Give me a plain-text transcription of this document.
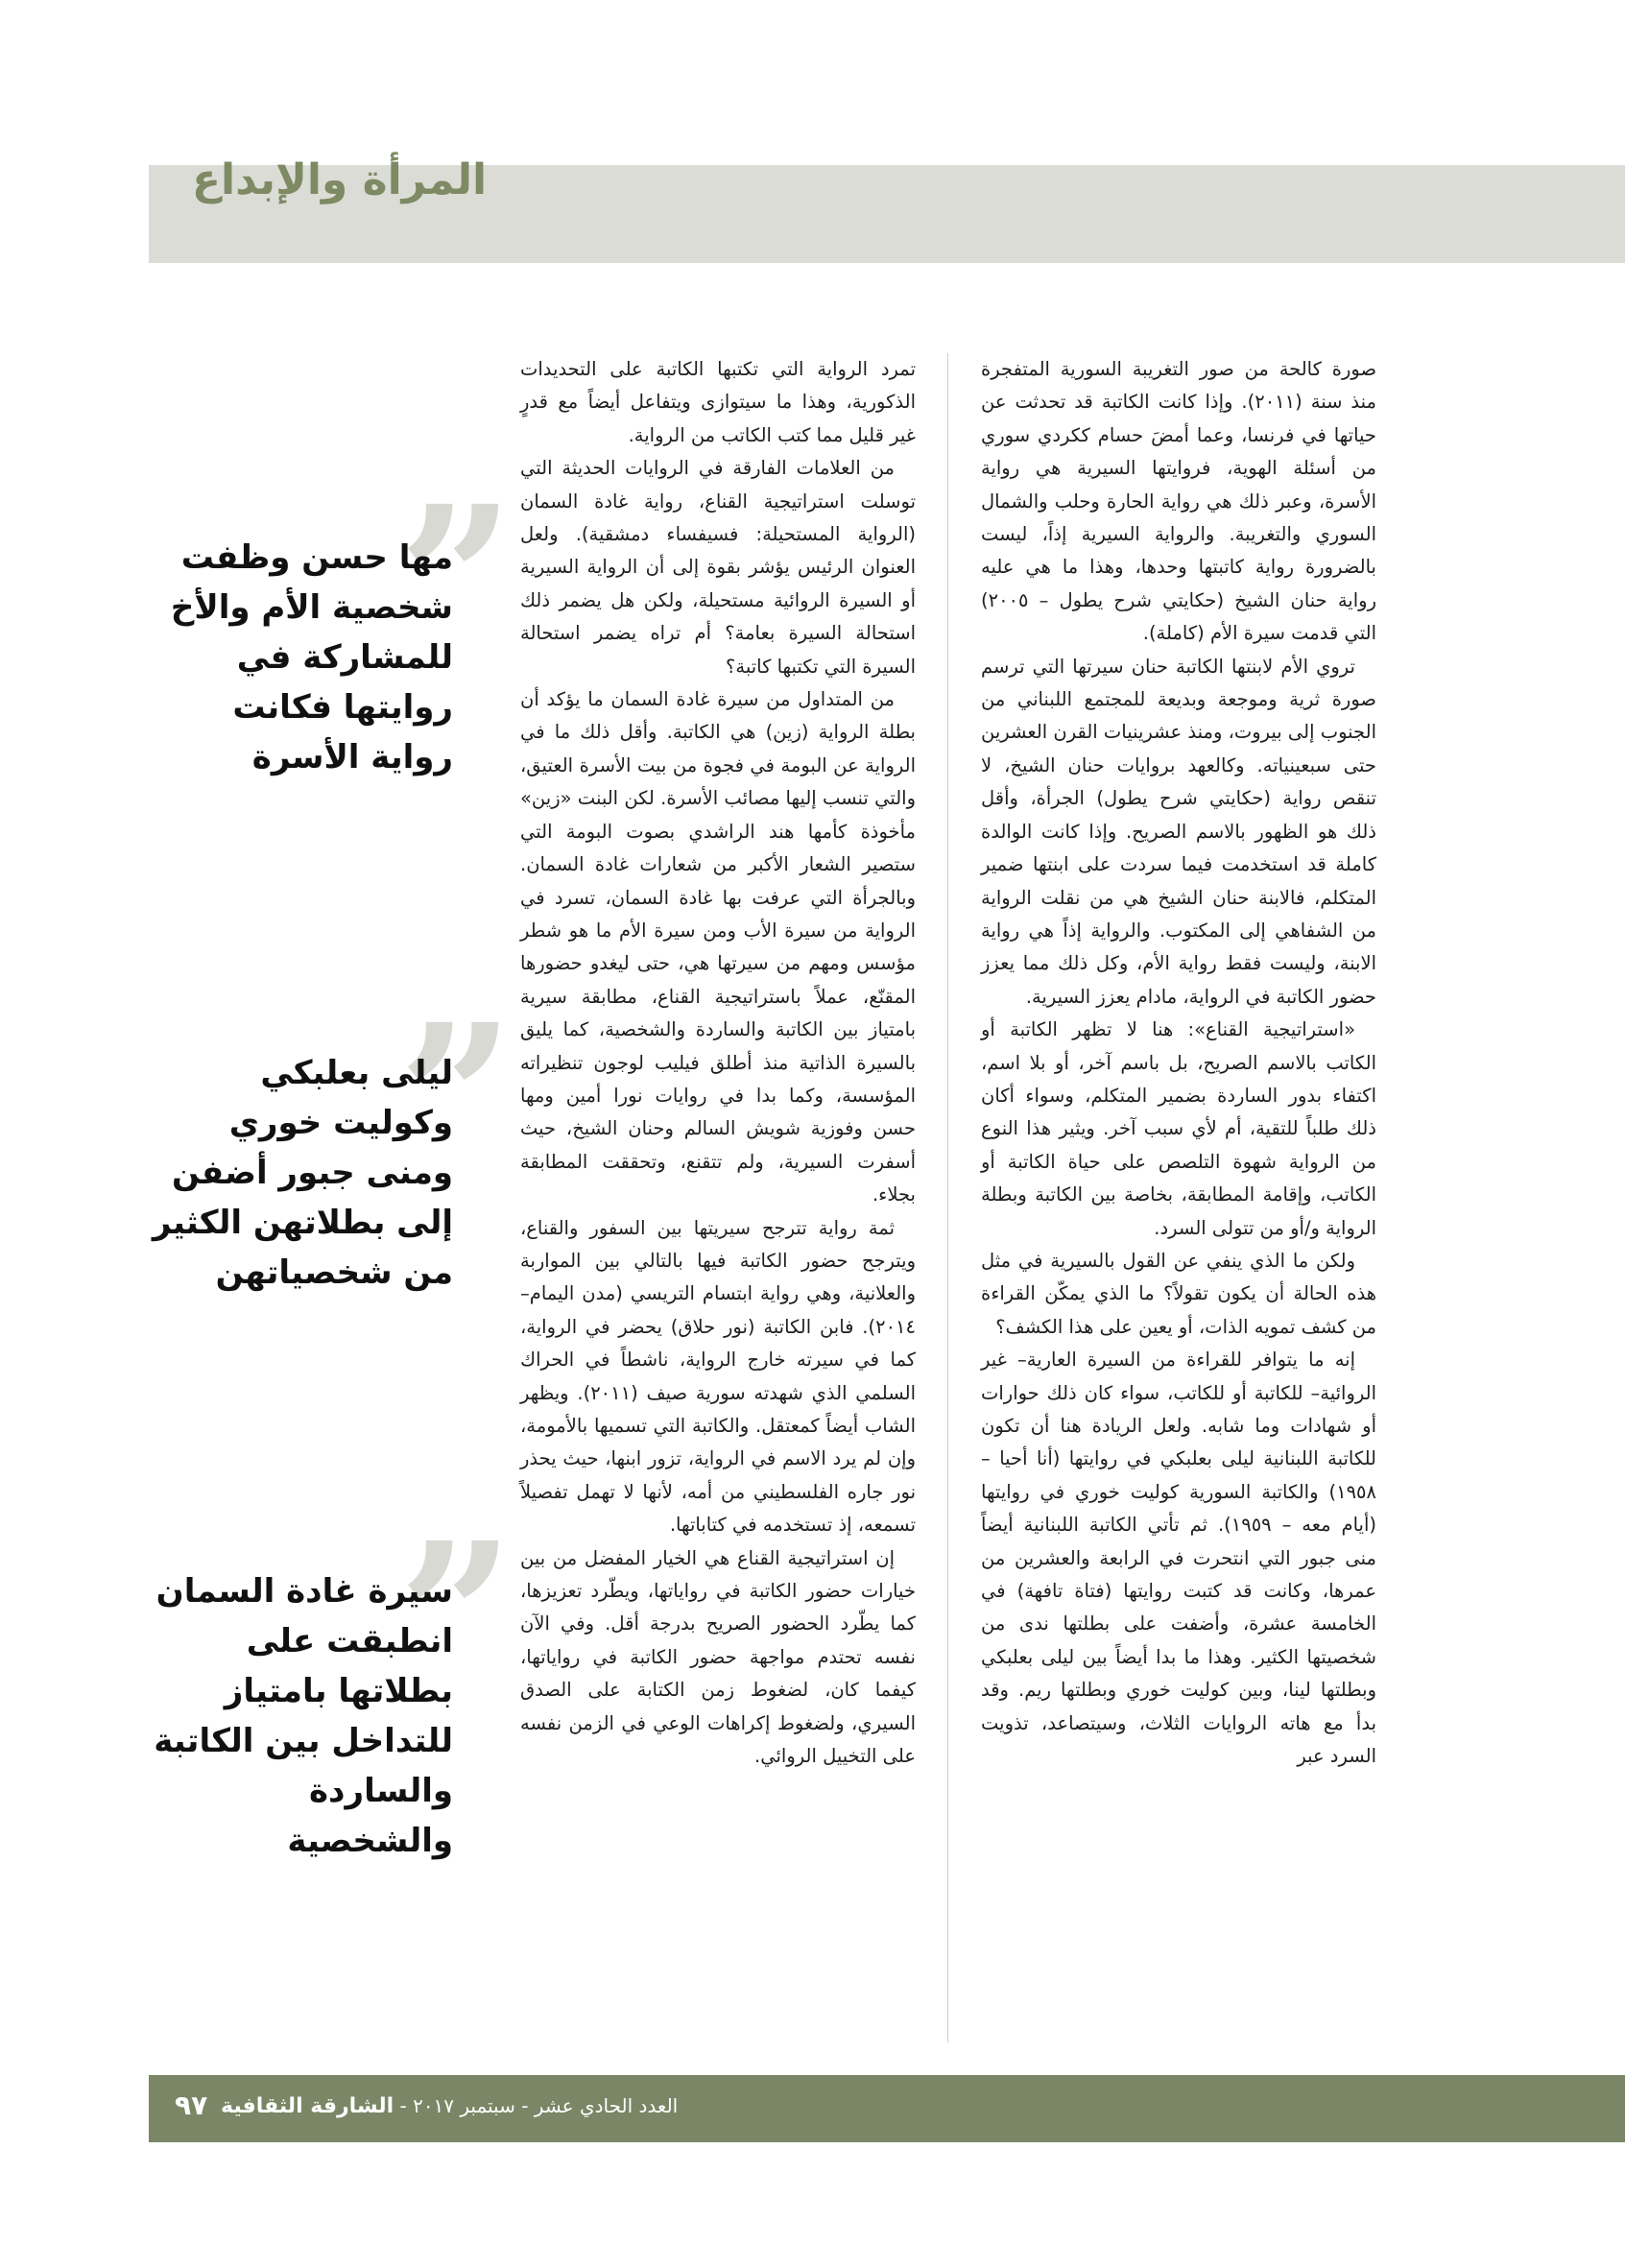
المرأة والإبداع

صورة كالحة من صور التغريبة السورية المتفجرة منذ سنة (٢٠١١). وإذا كانت الكاتبة قد تحدثت عن حياتها في فرنسا، وعما أمضَ حسام ككردي سوري من أسئلة الهوية، فروايتها السيرية هي رواية الأسرة، وعبر ذلك هي رواية الحارة وحلب والشمال السوري والتغريبة. والرواية السيرية إذاً، ليست بالضرورة رواية كاتبتها وحدها، وهذا ما هي عليه رواية حنان الشيخ (حكايتي شرح يطول – ٢٠٠٥) التي قدمت سيرة الأم (كاملة).

تروي الأم لابنتها الكاتبة حنان سيرتها التي ترسم صورة ثرية وموجعة وبديعة للمجتمع اللبناني من الجنوب إلى بيروت، ومنذ عشرينيات القرن العشرين حتى سبعينياته. وكالعهد بروايات حنان الشيخ، لا تنقص رواية (حكايتي شرح يطول) الجرأة، وأقل ذلك هو الظهور بالاسم الصريح. وإذا كانت الوالدة كاملة قد استخدمت فيما سردت على ابنتها ضمير المتكلم، فالابنة حنان الشيخ هي من نقلت الرواية من الشفاهي إلى المكتوب. والرواية إذاً هي رواية الابنة، وليست فقط رواية الأم، وكل ذلك مما يعزز حضور الكاتبة في الرواية، مادام يعزز السيرية.

«استراتيجية القناع»: هنا لا تظهر الكاتبة أو الكاتب بالاسم الصريح، بل باسم آخر، أو بلا اسم، اكتفاء بدور الساردة بضمير المتكلم، وسواء أكان ذلك طلباً للتقية، أم لأي سبب آخر. ويثير هذا النوع من الرواية شهوة التلصص على حياة الكاتبة أو الكاتب، وإقامة المطابقة، بخاصة بين الكاتبة وبطلة الرواية و/أو من تتولى السرد.

ولكن ما الذي ينفي عن القول بالسيرية في مثل هذه الحالة أن يكون تقولاً؟ ما الذي يمكّن القراءة من كشف تمويه الذات، أو يعين على هذا الكشف؟

إنه ما يتوافر للقراءة من السيرة العارية– غير الروائية– للكاتبة أو للكاتب، سواء كان ذلك حوارات أو شهادات وما شابه. ولعل الريادة هنا أن تكون للكاتبة اللبنانية ليلى بعلبكي في روايتها (أنا أحيا – ١٩٥٨) والكاتبة السورية كوليت خوري في روايتها (أيام معه – ١٩٥٩). ثم تأتي الكاتبة اللبنانية أيضاً منى جبور التي انتحرت في الرابعة والعشرين من عمرها، وكانت قد كتبت روايتها (فتاة تافهة) في الخامسة عشرة، وأضفت على بطلتها ندى من شخصيتها الكثير. وهذا ما بدا أيضاً بين ليلى بعلبكي وبطلتها لينا، وبين كوليت خوري وبطلتها ريم. وقد بدأ مع هاته الروايات الثلاث، وسيتصاعد، تذويت السرد عبر

تمرد الرواية التي تكتبها الكاتبة على التحديدات الذكورية، وهذا ما سيتوازى ويتفاعل أيضاً مع قدرٍ غير قليل مما كتب الكاتب من الرواية.

من العلامات الفارقة في الروايات الحديثة التي توسلت استراتيجية القناع، رواية غادة السمان (الرواية المستحيلة: فسيفساء دمشقية). ولعل العنوان الرئيس يؤشر بقوة إلى أن الرواية السيرية أو السيرة الروائية مستحيلة، ولكن هل يضمر ذلك استحالة السيرة بعامة؟ أم تراه يضمر استحالة السيرة التي تكتبها كاتبة؟

من المتداول من سيرة غادة السمان ما يؤكد أن بطلة الرواية (زين) هي الكاتبة. وأقل ذلك ما في الرواية عن البومة في فجوة من بيت الأسرة العتيق، والتي تنسب إليها مصائب الأسرة. لكن البنت «زين» مأخوذة كأمها هند الراشدي بصوت البومة التي ستصير الشعار الأكبر من شعارات غادة السمان. وبالجرأة التي عرفت بها غادة السمان، تسرد في الرواية من سيرة الأب ومن سيرة الأم ما هو شطر مؤسس ومهم من سيرتها هي، حتى ليغدو حضورها المقنّع، عملاً باستراتيجية القناع، مطابقة سيرية بامتياز بين الكاتبة والساردة والشخصية، كما يليق بالسيرة الذاتية منذ أطلق فيليب لوجون تنظيراته المؤسسة، وكما بدا في روايات نورا أمين ومها حسن وفوزية شويش السالم وحنان الشيخ، حيث أسفرت السيرية، ولم تتقنع، وتحققت المطابقة بجلاء.

ثمة رواية تترجح سيريتها بين السفور والقناع، ويترجح حضور الكاتبة فيها بالتالي بين المواربة والعلانية، وهي رواية ابتسام التريسي (مدن اليمام– ٢٠١٤). فابن الكاتبة (نور حلاق) يحضر في الرواية، كما في سيرته خارج الرواية، ناشطاً في الحراك السلمي الذي شهدته سورية صيف (٢٠١١). ويظهر الشاب أيضاً كمعتقل. والكاتبة التي تسميها بالأمومة، وإن لم يرد الاسم في الرواية، تزور ابنها، حيث يحذر نور جاره الفلسطيني من أمه، لأنها لا تهمل تفصيلاً تسمعه، إذ تستخدمه في كتاباتها.

إن استراتيجية القناع هي الخيار المفضل من بين خيارات حضور الكاتبة في رواياتها، ويطّرد تعزيزها، كما يطّرد الحضور الصريح بدرجة أقل. وفي الآن نفسه تحتدم مواجهة حضور الكاتبة في رواياتها، كيفما كان، لضغوط زمن الكتابة على الصدق السيري، ولضغوط إكراهات الوعي في الزمن نفسه على التخييل الروائي.

”
مها حسن وظفت شخصية الأم والأخ للمشاركة في روايتها فكانت رواية الأسرة
”
ليلى بعلبكي وكوليت خوري ومنى جبور أضفن إلى بطلاتهن الكثير من شخصياتهن
”
سيرة غادة السمان انطبقت على بطلاتها بامتياز للتداخل بين الكاتبة والساردة والشخصية
٩٧	العدد الحادي عشر - سبتمبر ٢٠١٧ - الشارقة الثقافية
